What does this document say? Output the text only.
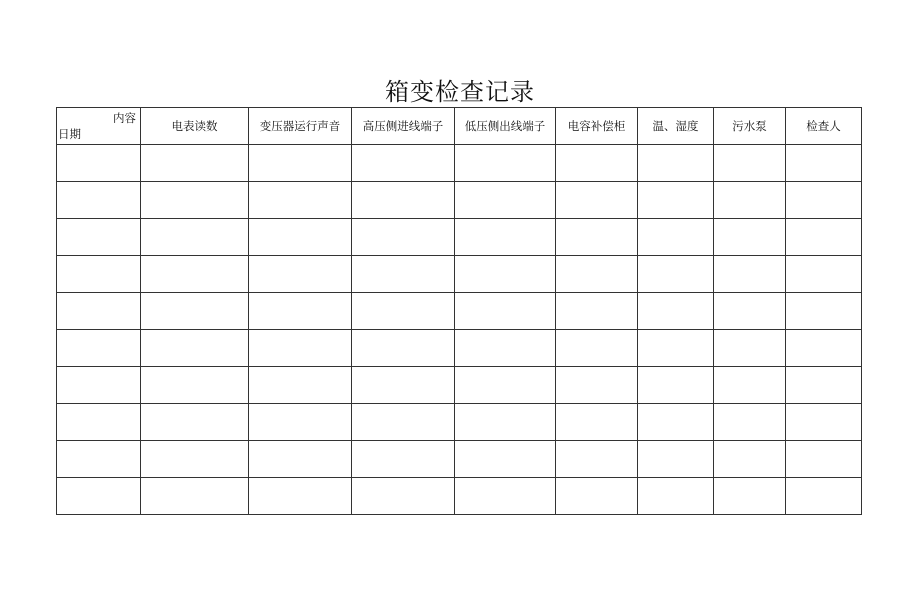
箱变检查记录
内容
日期	电表读数	变压器运行声音	高压侧进线端子	低压侧出线端子	电容补偿柜	温、湿度	污水泵	检查人
